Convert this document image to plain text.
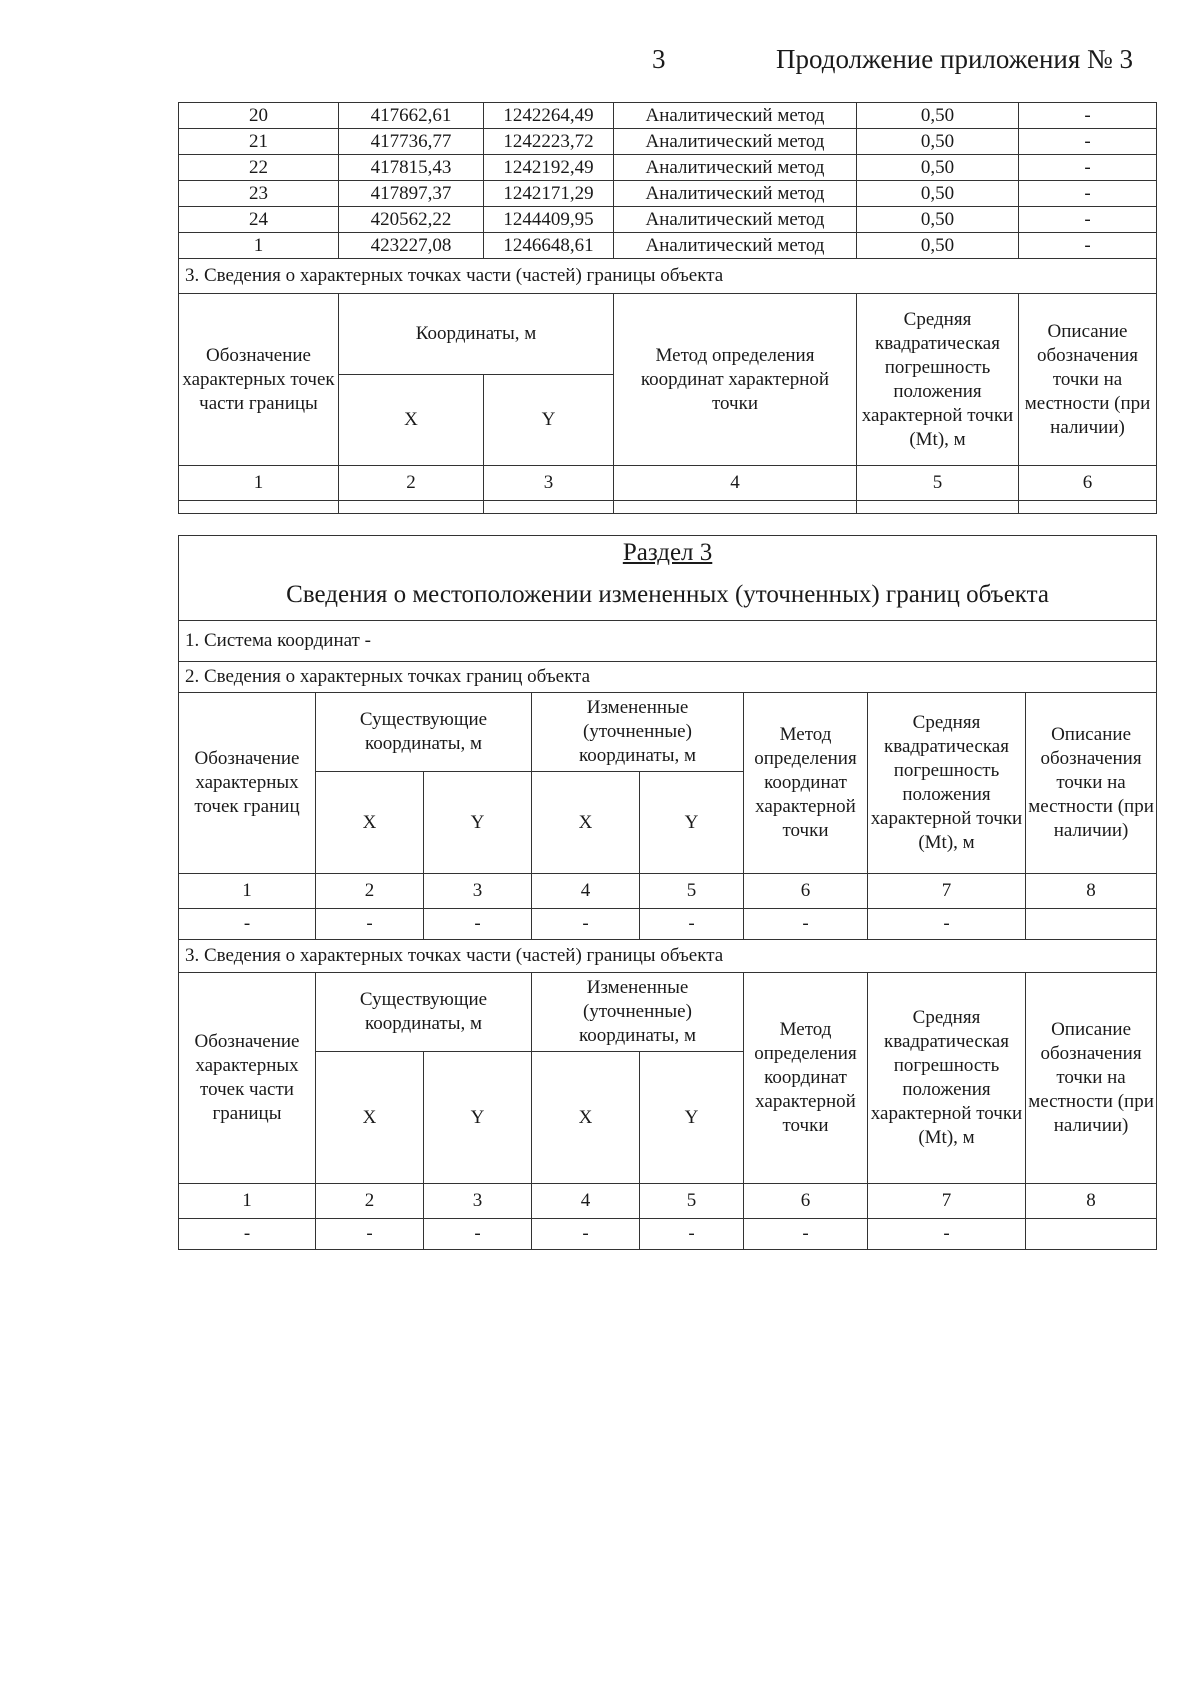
3	Продолжение приложения № 3
20	417662,61	1242264,49	Аналитический метод	0,50	-
21	417736,77	1242223,72	Аналитический метод	0,50	-
22	417815,43	1242192,49	Аналитический метод	0,50	-
23	417897,37	1242171,29	Аналитический метод	0,50	-
24	420562,22	1244409,95	Аналитический метод	0,50	-
1	423227,08	1246648,61	Аналитический метод	0,50	-
3. Сведения о характерных точках части (частей) границы объекта					
Обозначение характерных точек части границы	Координаты, м		Метод определения координат характерной точки	Средняя квадратическая погрешность положения характерной точки (Mt), м	Описание обозначения точки на местности (при наличии)
	X	Y			
1	2	3	4	5	6

Раздел 3							
Сведения о местоположении измененных (уточненных) границ объекта							
1. Система координат -							
2. Сведения о характерных точках границ объекта							
Обозначение характерных точек границ	Существующие координаты, м		Измененные (уточненные) координаты, м		Метод определения координат характерной точки	Средняя квадратическая погрешность положения характерной точки (Mt), м	Описание обозначения точки на местности (при наличии)
	X	Y	X	Y			
1	2	3	4	5	6	7	8
-	-	-	-	-	-	-	
3. Сведения о характерных точках части (частей) границы объекта							
Обозначение характерных точек части границы	Существующие координаты, м		Измененные (уточненные) координаты, м		Метод определения координат характерной точки	Средняя квадратическая погрешность положения характерной точки (Mt), м	Описание обозначения точки на местности (при наличии)
	X	Y	X	Y			
1	2	3	4	5	6	7	8
-	-	-	-	-	-	-	
